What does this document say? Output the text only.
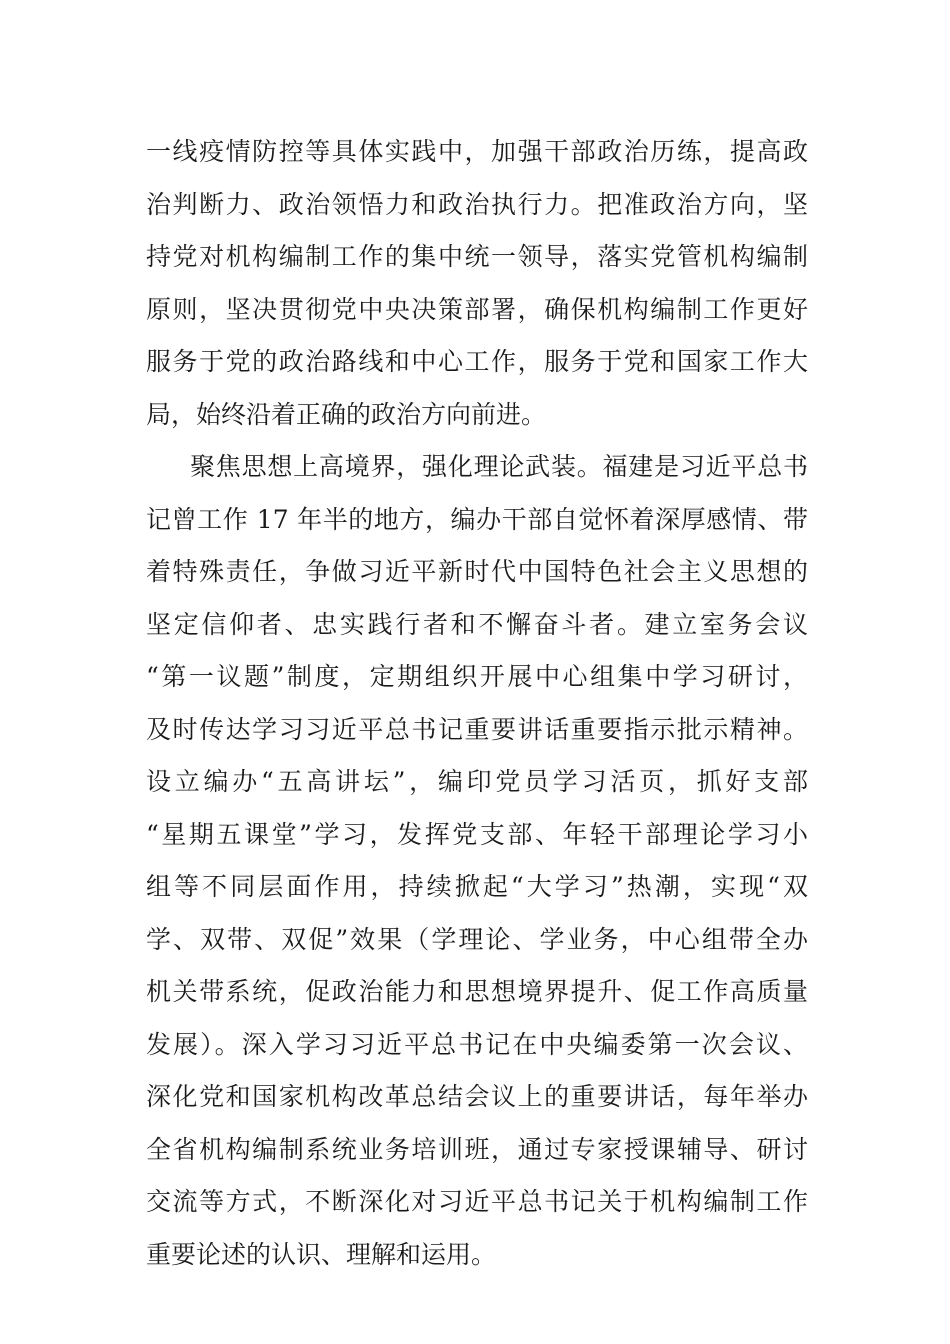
一线疫情防控等具体实践中，加强干部政治历练，提高政
治判断力、政治领悟力和政治执行力。把准政治方向，坚
持党对机构编制工作的集中统一领导，落实党管机构编制
原则，坚决贯彻党中央决策部署，确保机构编制工作更好
服务于党的政治路线和中心工作，服务于党和国家工作大
局，始终沿着正确的政治方向前进。
聚焦思想上高境界，强化理论武装。福建是习近平总书
记曾工作 17 年半的地方，编办干部自觉怀着深厚感情、带
着特殊责任，争做习近平新时代中国特色社会主义思想的
坚定信仰者、忠实践行者和不懈奋斗者。建立室务会议
“第一议题”制度，定期组织开展中心组集中学习研讨，
及时传达学习习近平总书记重要讲话重要指示批示精神。
设立编办“五高讲坛”，编印党员学习活页，抓好支部
“星期五课堂”学习，发挥党支部、年轻干部理论学习小
组等不同层面作用，持续掀起“大学习”热潮，实现“双
学、双带、双促”效果（学理论、学业务，中心组带全办
机关带系统，促政治能力和思想境界提升、促工作高质量
发展）。深入学习习近平总书记在中央编委第一次会议、
深化党和国家机构改革总结会议上的重要讲话，每年举办
全省机构编制系统业务培训班，通过专家授课辅导、研讨
交流等方式，不断深化对习近平总书记关于机构编制工作
重要论述的认识、理解和运用。
